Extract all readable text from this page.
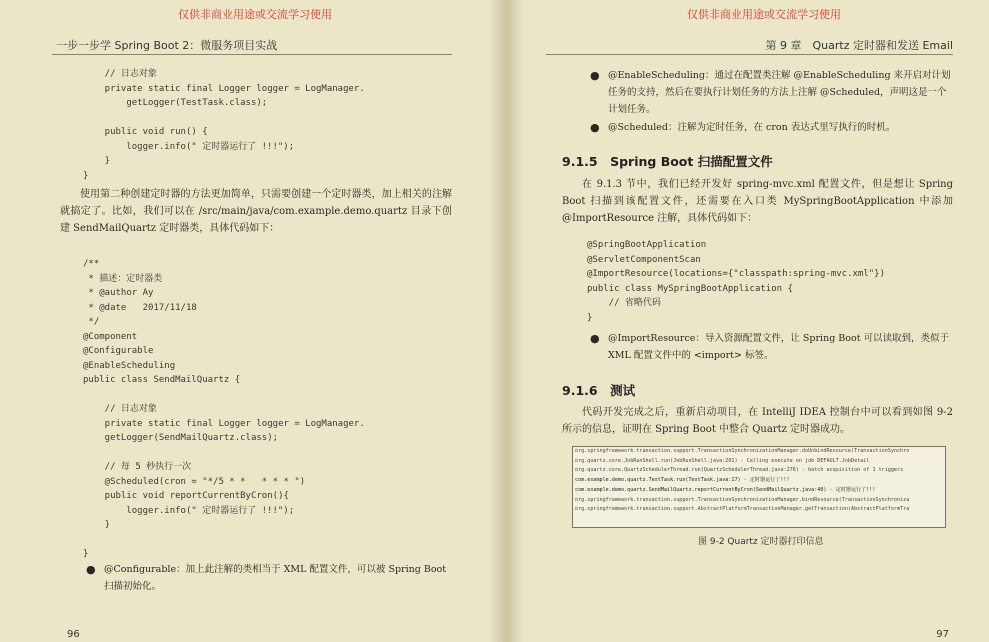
仅供非商业用途或交流学习使用
一步一步学 Spring Boot 2：微服务项目实战
// 日志对象
private static final Logger logger = LogManager.
getLogger(TestTask.class);

public void run() {
logger.info(" 定时器运行了 !!!");
}
}
使用第二种创建定时器的方法更加简单，只需要创建一个定时器类，加上相关的注解就搞定了。比如，我们可以在 /src/main/java/com.example.demo.quartz 目录下创建 SendMailQuartz 定时器类，具体代码如下：
/**
* 描述：定时器类
* @author Ay
* @date   2017/11/18
*/
@Component
@Configurable
@EnableScheduling
public class SendMailQuartz {

// 日志对象
private static final Logger logger = LogManager.
getLogger(SendMailQuartz.class);

// 每 5 秒执行一次
@Scheduled(cron = "*/5 * *   * * * ")
public void reportCurrentByCron(){
logger.info(" 定时器运行了 !!!");
}

}
● @Configurable：加上此注解的类相当于 XML 配置文件，可以被 Spring Boot 扫描初始化。
96
仅供非商业用途或交流学习使用
第 9 章　Quartz 定时器和发送 Email
● @EnableScheduling：通过在配置类注解 @EnableScheduling 来开启对计划任务的支持，然后在要执行计划任务的方法上注解 @Scheduled，声明这是一个计划任务。
● @Scheduled：注解为定时任务，在 cron 表达式里写执行的时机。
9.1.5　Spring Boot 扫描配置文件
在 9.1.3 节中，我们已经开发好 spring-mvc.xml 配置文件，但是想让 Spring Boot 扫描到该配置文件，还需要在入口类 MySpringBootApplication 中添加 @ImportResource 注解，具体代码如下：
@SpringBootApplication
@ServletComponentScan
@ImportResource(locations={"classpath:spring-mvc.xml"})
public class MySpringBootApplication {
// 省略代码
}
● @ImportResource：导入资源配置文件，让 Spring Boot 可以读取到，类似于 XML 配置文件中的 <import> 标签。
9.1.6　测试
代码开发完成之后，重新启动项目，在 IntelliJ IDEA 控制台中可以看到如图 9-2 所示的信息，证明在 Spring Boot 中整合 Quartz 定时器成功。
org.springframework.transaction.support.TransactionSynchronizationManager.doUnbindResource(TransactionSynchro
org.quartz.core.JobRunShell.run(JobRunShell.java:201) - Calling execute on job DEFAULT.JobDetail
org.quartz.core.QuartzSchedulerThread.run(QuartzSchedulerThread.java:276) - batch acquisition of 1 triggers
com.example.demo.quartz.TestTask.run(TestTask.java:17) - 定时器运行了!!!
com.example.demo.quartz.SendMailQuartz.reportCurrentByCron(SendMailQuartz.java:40) - 定时器运行了!!!
org.springframework.transaction.support.TransactionSynchronizationManager.bindResource(TransactionSynchroniza
org.springframework.transaction.support.AbstractPlatformTransactionManager.getTransaction(AbstractPlatformTra
图 9-2 Quartz 定时器打印信息
97
